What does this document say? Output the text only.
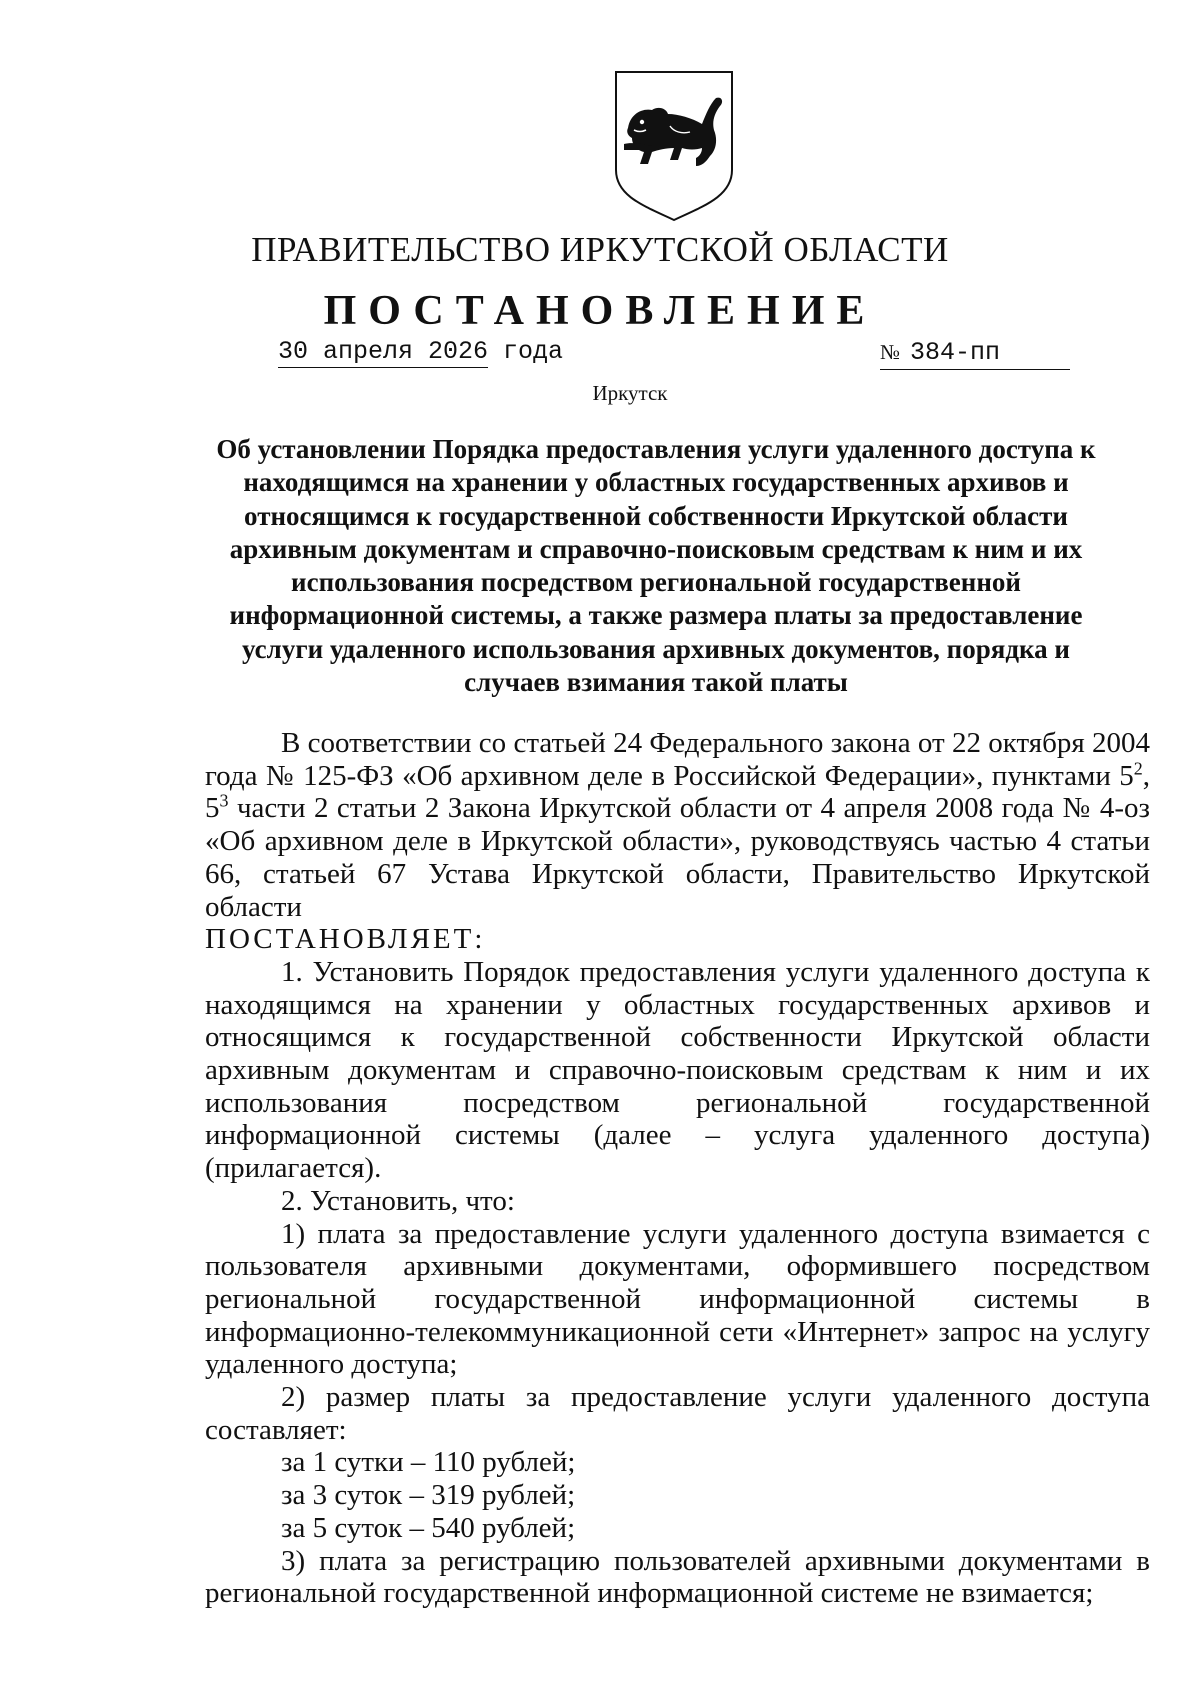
ПРАВИТЕЛЬСТВО ИРКУТСКОЙ ОБЛАСТИ
ПОСТАНОВЛЕНИЕ
30 апреля 2026 года	№ 384-пп
Иркутск
Об установлении Порядка предоставления услуги удаленного доступа к находящимся на хранении у областных государственных архивов и относящимся к государственной собственности Иркутской области архивным документам и справочно-поисковым средствам к ним и их использования посредством региональной государственной информационной системы, а также размера платы за предоставление услуги удаленного использования архивных документов, порядка и случаев взимания такой платы

В соответствии со статьей 24 Федерального закона от 22 октября 2004 года № 125-ФЗ «Об архивном деле в Российской Федерации», пунктами $5^2$, $5^3$ части 2 статьи 2 Закона Иркутской области от 4 апреля 2008 года № 4-оз «Об архивном деле в Иркутской области», руководствуясь частью 4 статьи 66, статьей 67 Устава Иркутской области, Правительство Иркутской области

ПОСТАНОВЛЯЕТ:

1. Установить Порядок предоставления услуги удаленного доступа к находящимся на хранении у областных государственных архивов и относящимся к государственной собственности Иркутской области архивным документам и справочно-поисковым средствам к ним и их использования посредством региональной государственной информационной системы (далее – услуга удаленного доступа) (прилагается).

2. Установить, что:

1) плата за предоставление услуги удаленного доступа взимается с пользователя архивными документами, оформившего посредством региональной государственной информационной системы в информационно-телекоммуникационной сети «Интернет» запрос на услугу удаленного доступа;

2) размер платы за предоставление услуги удаленного доступа составляет:

за 1 сутки – 110 рублей;

за 3 суток – 319 рублей;

за 5 суток – 540 рублей;

3) плата за регистрацию пользователей архивными документами в региональной государственной информационной системе не взимается;
